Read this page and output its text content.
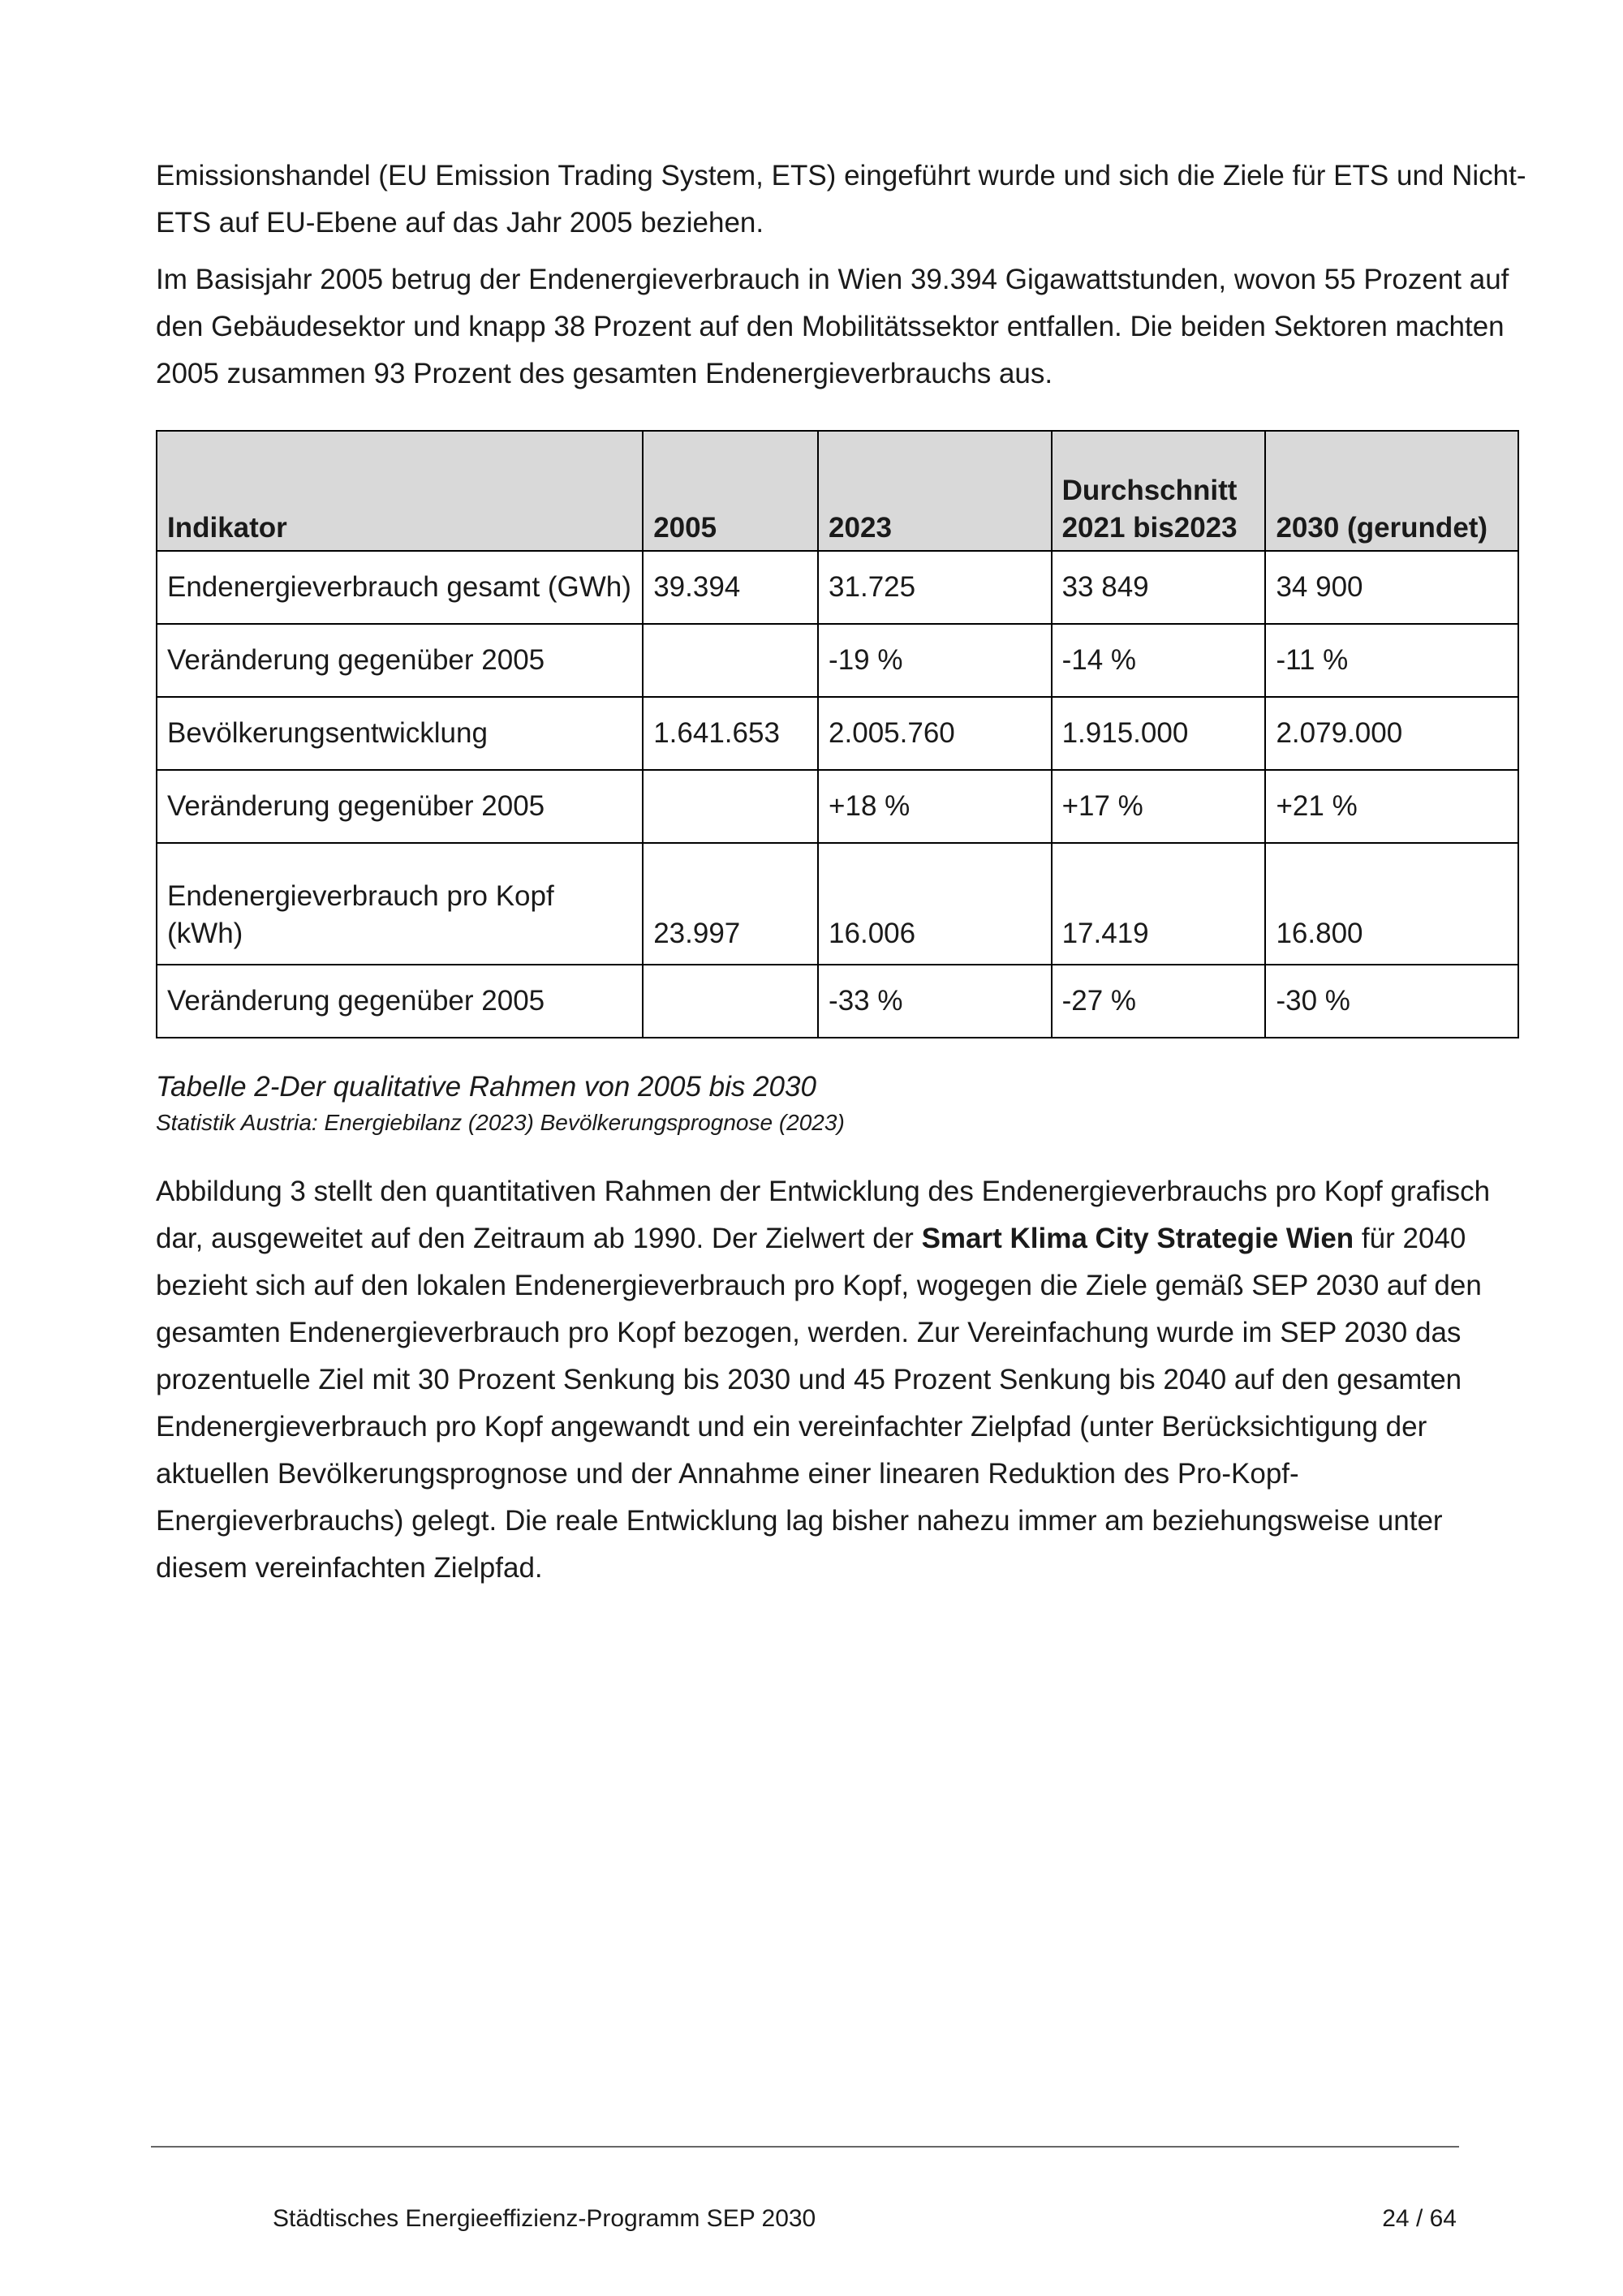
Emissionshandel (EU Emission Trading System, ETS) eingeführt wurde und sich die Ziele für ETS und Nicht-ETS auf EU-Ebene auf das Jahr 2005 beziehen.

Im Basisjahr 2005 betrug der Endenergieverbrauch in Wien 39.394 Gigawattstunden, wovon 55 Prozent auf den Gebäudesektor und knapp 38 Prozent auf den Mobilitätssektor entfallen. Die beiden Sektoren machten 2005 zusammen 93 Prozent des gesamten Endenergieverbrauchs aus.

Indikator	2005	2023	Durchschnitt 2021 bis2023	2030 (gerundet)
Endenergieverbrauch gesamt (GWh)	39.394	31.725	33 849	34 900
Veränderung gegenüber 2005		-19 %	-14 %	-11 %
Bevölkerungsentwicklung	1.641.653	2.005.760	1.915.000	2.079.000
Veränderung gegenüber 2005		+18 %	+17 %	+21 %
Endenergieverbrauch pro Kopf (kWh)	23.997	16.006	17.419	16.800
Veränderung gegenüber 2005		-33 %	-27 %	-30 %
Tabelle 2-Der qualitative Rahmen von 2005 bis 2030
Statistik Austria: Energiebilanz (2023) Bevölkerungsprognose (2023)

Abbildung 3 stellt den quantitativen Rahmen der Entwicklung des Endenergieverbrauchs pro Kopf grafisch dar, ausgeweitet auf den Zeitraum ab 1990. Der Zielwert der Smart Klima City Strategie Wien für 2040 bezieht sich auf den lokalen Endenergieverbrauch pro Kopf, wogegen die Ziele gemäß SEP 2030 auf den gesamten Endenergieverbrauch pro Kopf bezogen, werden. Zur Vereinfachung wurde im SEP 2030 das prozentuelle Ziel mit 30 Prozent Senkung bis 2030 und 45 Prozent Senkung bis 2040 auf den gesamten Endenergieverbrauch pro Kopf angewandt und ein vereinfachter Zielpfad (unter Berücksichtigung der aktuellen Bevölkerungsprognose und der Annahme einer linearen Reduktion des Pro-Kopf-Energieverbrauchs) gelegt. Die reale Entwicklung lag bisher nahezu immer am beziehungsweise unter diesem vereinfachten Zielpfad.

Städtisches Energieeffizienz-Programm SEP 2030	24 / 64
